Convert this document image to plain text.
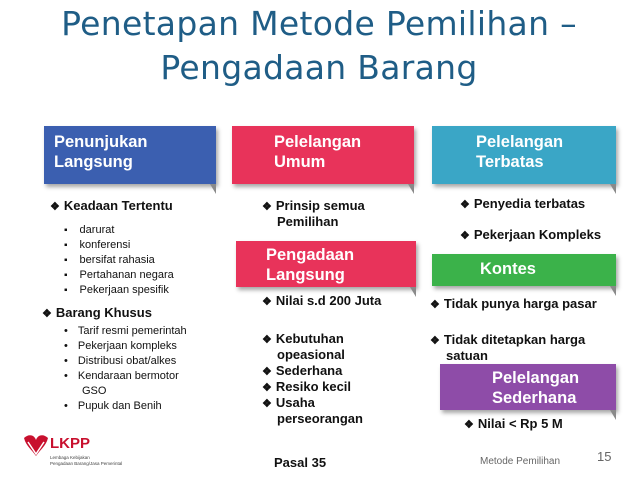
Penetapan Metode Pemilihan –
Pengadaan Barang
Penunjukan
Langsung
❖ Keadaan Tertentu
▪ darurat
▪ konferensi
▪ bersifat rahasia
▪ Pertahanan negara
▪ Pekerjaan spesifik
❖ Barang Khusus
• Tarif resmi pemerintah
• Pekerjaan kompleks
• Distribusi obat/alkes
• Kendaraan bermotor
GSO
• Pupuk dan Benih
Pelelangan
Umum
❖ Prinsip semua
Pemilihan
Pengadaan
Langsung
❖ Nilai s.d 200 Juta
❖ Kebutuhan
opeasional
❖ Sederhana
❖ Resiko kecil
❖ Usaha
perseorangan
Pelelangan
Terbatas
❖ Penyedia terbatas
❖ Pekerjaan Kompleks
Kontes
❖ Tidak punya harga pasar
❖ Tidak ditetapkan harga
satuan
Pelelangan
Sederhana
❖ Nilai < Rp 5 M
LKPP
Lembaga Kebijakan
Pengadaan Barang/Jasa Pemerintah	Pasal 35	Metode Pemilihan	15
